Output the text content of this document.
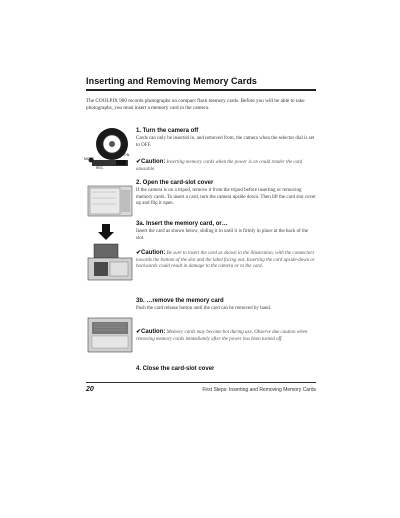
Inserting and Removing Memory Cards
The COOLPIX 900 records photographs on compact flash memory cards. Before you will be able to take photographs, you must insert a memory card in the camera.
MODE
ON
REC
1. Turn the camera off
Cards can only be inserted in, and removed from, the camera when the selector dial is set to OFF.
✔Caution: Inserting memory cards when the power is on could render the card unusable.
2. Open the card-slot cover
If the camera is on a tripod, remove it from the tripod before inserting or removing memory cards. To insert a card, turn the camera upside down. Then lift the card slot cover up and flip it open.
3a. Insert the memory card, or…
Insert the card as shown below, sliding it in until it is firmly in place at the back of the slot.
✔Caution: Be sure to insert the card as shown in the illustration, with the connectors towards the bottom of the slot and the label facing out. Inserting the card upside-down or backwards could result in damage to the camera or to the card.
3b. …remove the memory card
Push the card release button until the card can be removed by hand.
✔Caution: Memory cards may become hot during use. Observe due caution when removing memory cards immediately after the power has been turned off.
4. Close the card-slot cover
20	First Steps: Inserting and Removing Memory Cards
